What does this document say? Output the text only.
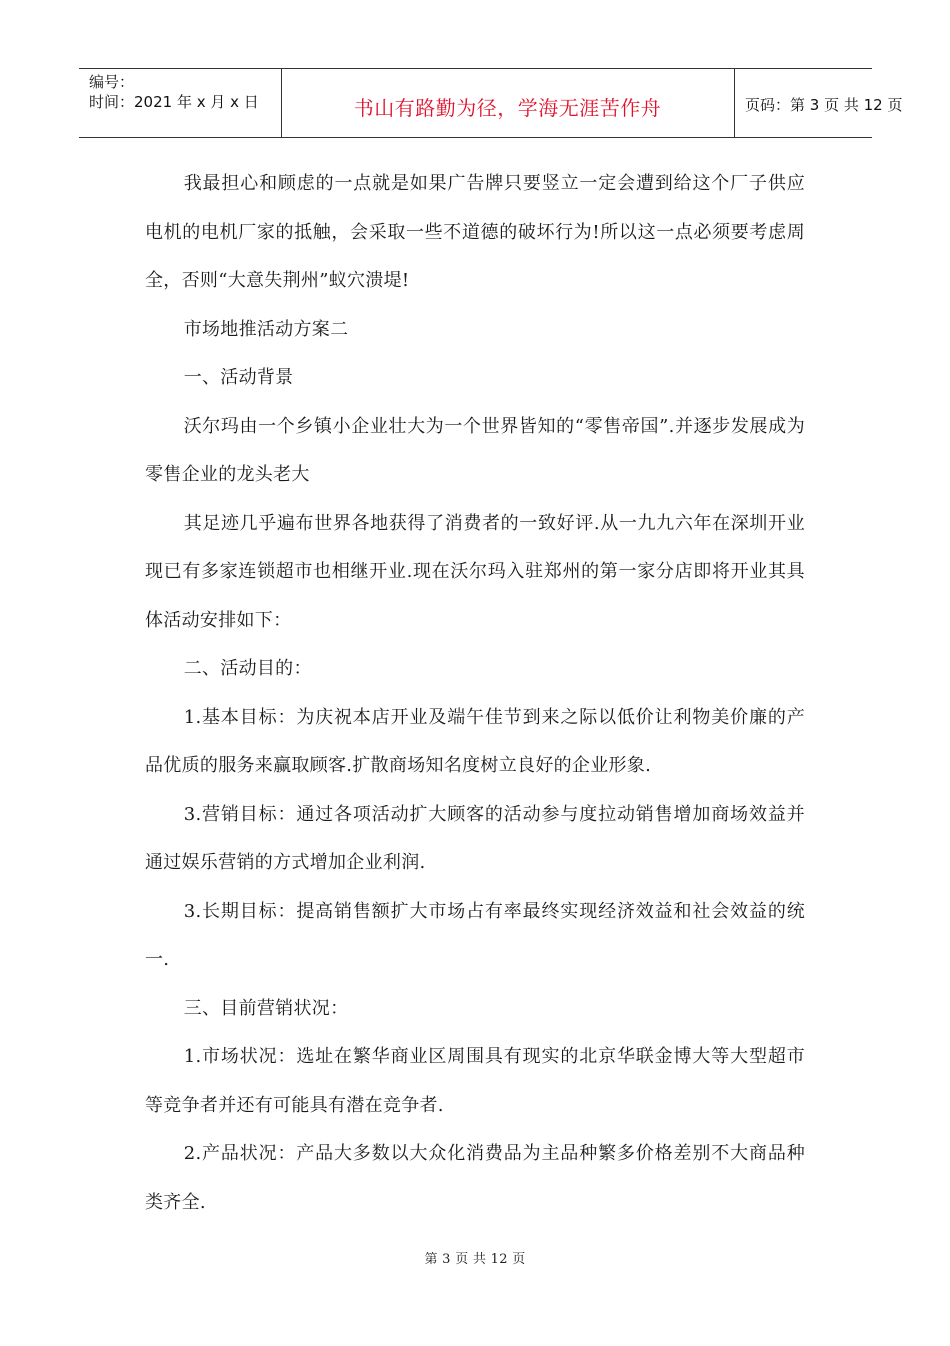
编号：
时间：2021 年 x 月 x 日	书山有路勤为径，学海无涯苦作舟	页码：第 3 页 共 12 页

我最担心和顾虑的一点就是如果广告牌只要竖立一定会遭到给这个厂子供应电机的电机厂家的抵触，会采取一些不道德的破坏行为!所以这一点必须要考虑周全，否则“大意失荆州”蚁穴溃堤!

市场地推活动方案二

一、活动背景

沃尔玛由一个乡镇小企业壮大为一个世界皆知的“零售帝国”.并逐步发展成为零售企业的龙头老大

其足迹几乎遍布世界各地获得了消费者的一致好评.从一九九六年在深圳开业现已有多家连锁超市也相继开业.现在沃尔玛入驻郑州的第一家分店即将开业其具体活动安排如下：

二、活动目的：

1.基本目标：为庆祝本店开业及端午佳节到来之际以低价让利物美价廉的产品优质的服务来赢取顾客.扩散商场知名度树立良好的企业形象.

3.营销目标：通过各项活动扩大顾客的活动参与度拉动销售增加商场效益并通过娱乐营销的方式增加企业利润.

3.长期目标：提高销售额扩大市场占有率最终实现经济效益和社会效益的统一.

三、目前营销状况：

1.市场状况：选址在繁华商业区周围具有现实的北京华联金博大等大型超市等竞争者并还有可能具有潜在竞争者.

2.产品状况：产品大多数以大众化消费品为主品种繁多价格差别不大商品种类齐全.

第 3 页 共 12 页
